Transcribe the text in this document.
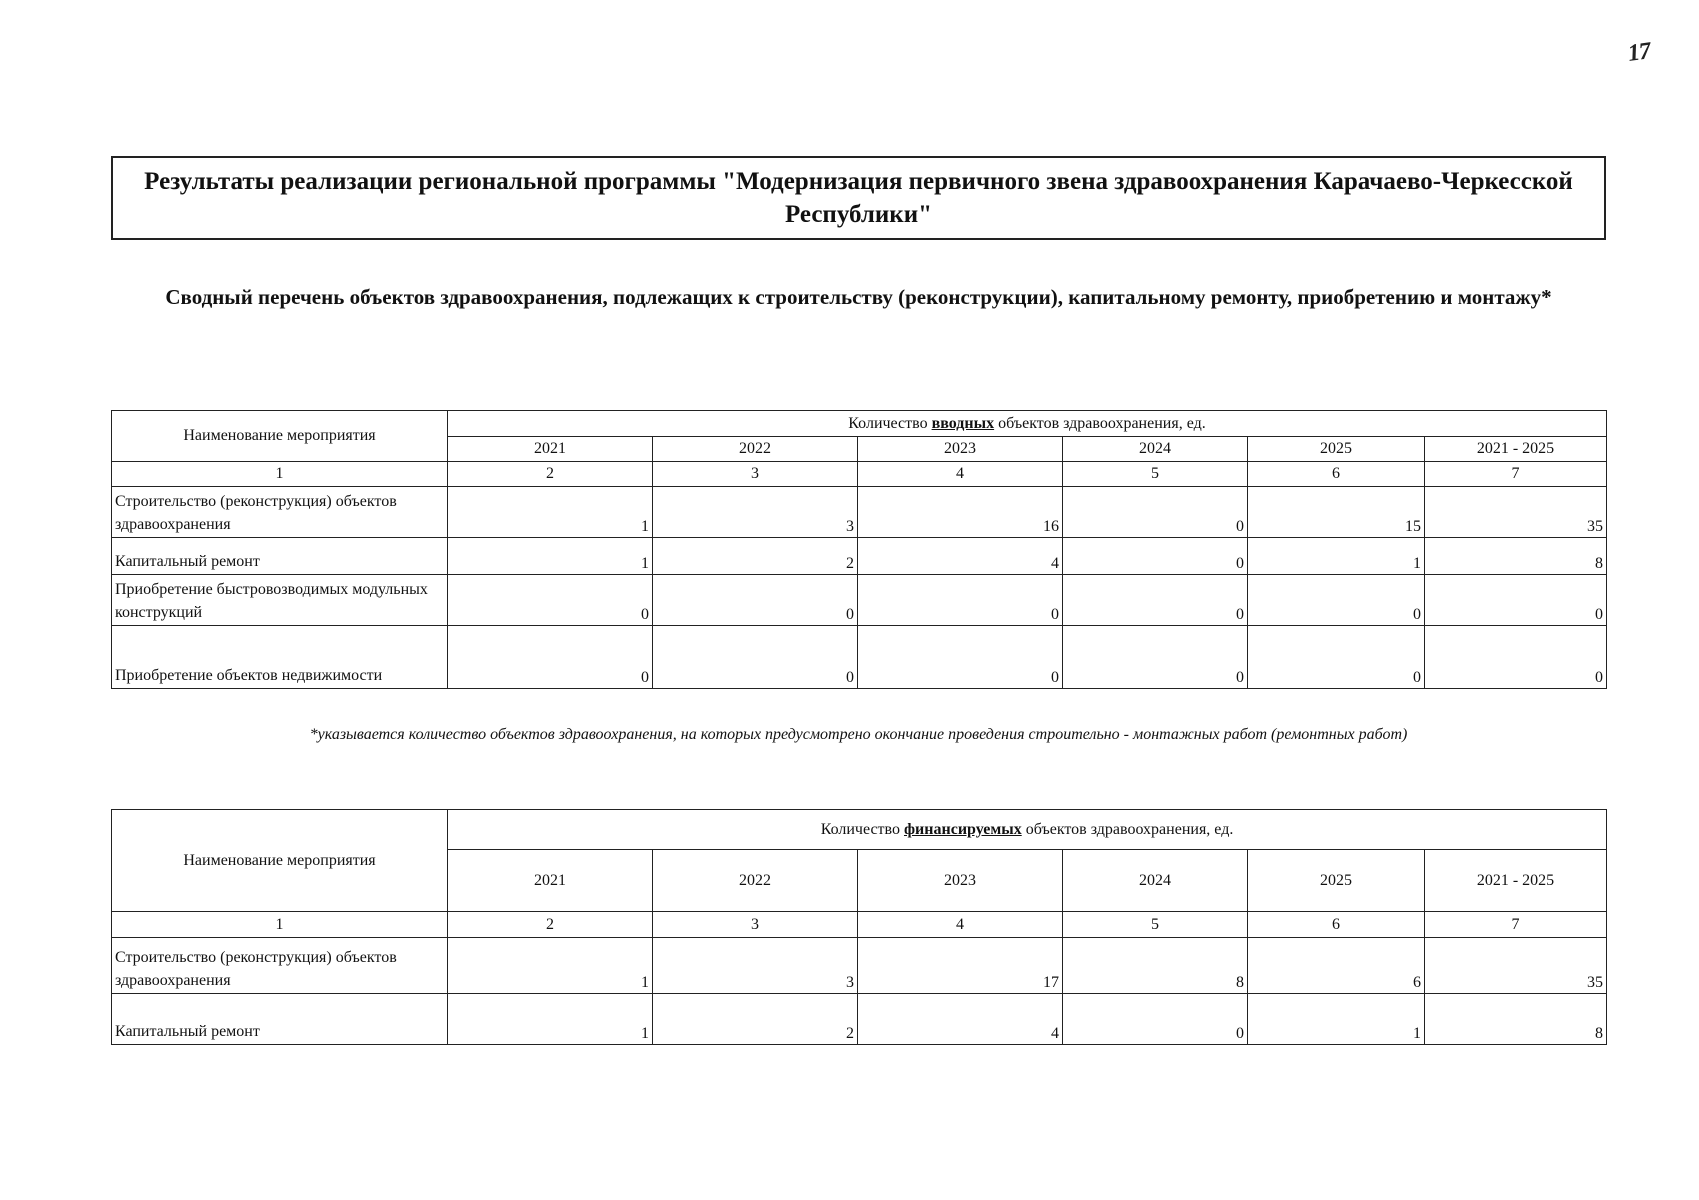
17
Результаты реализации региональной программы "Модернизация первичного звена здравоохранения Карачаево-Черкесской Республики"
Сводный перечень объектов здравоохранения, подлежащих к строительству (реконструкции), капитальному ремонту, приобретению и монтажу*
Наименование мероприятия	Количество вводных объектов здравоохранения, ед.					
	2021	2022	2023	2024	2025	2021 - 2025
1	2	3	4	5	6	7
Строительство (реконструкция) объектов здравоохранения	1	3	16	0	15	35
Капитальный ремонт	1	2	4	0	1	8
Приобретение быстровозводимых модульных конструкций	0	0	0	0	0	0
Приобретение объектов недвижимости	0	0	0	0	0	0
*указывается количество объектов здравоохранения, на которых предусмотрено окончание проведения строительно - монтажных работ (ремонтных работ)
Наименование мероприятия	Количество финансируемых объектов здравоохранения, ед.					
	2021	2022	2023	2024	2025	2021 - 2025
1	2	3	4	5	6	7
Строительство (реконструкция) объектов здравоохранения	1	3	17	8	6	35
Капитальный ремонт	1	2	4	0	1	8
